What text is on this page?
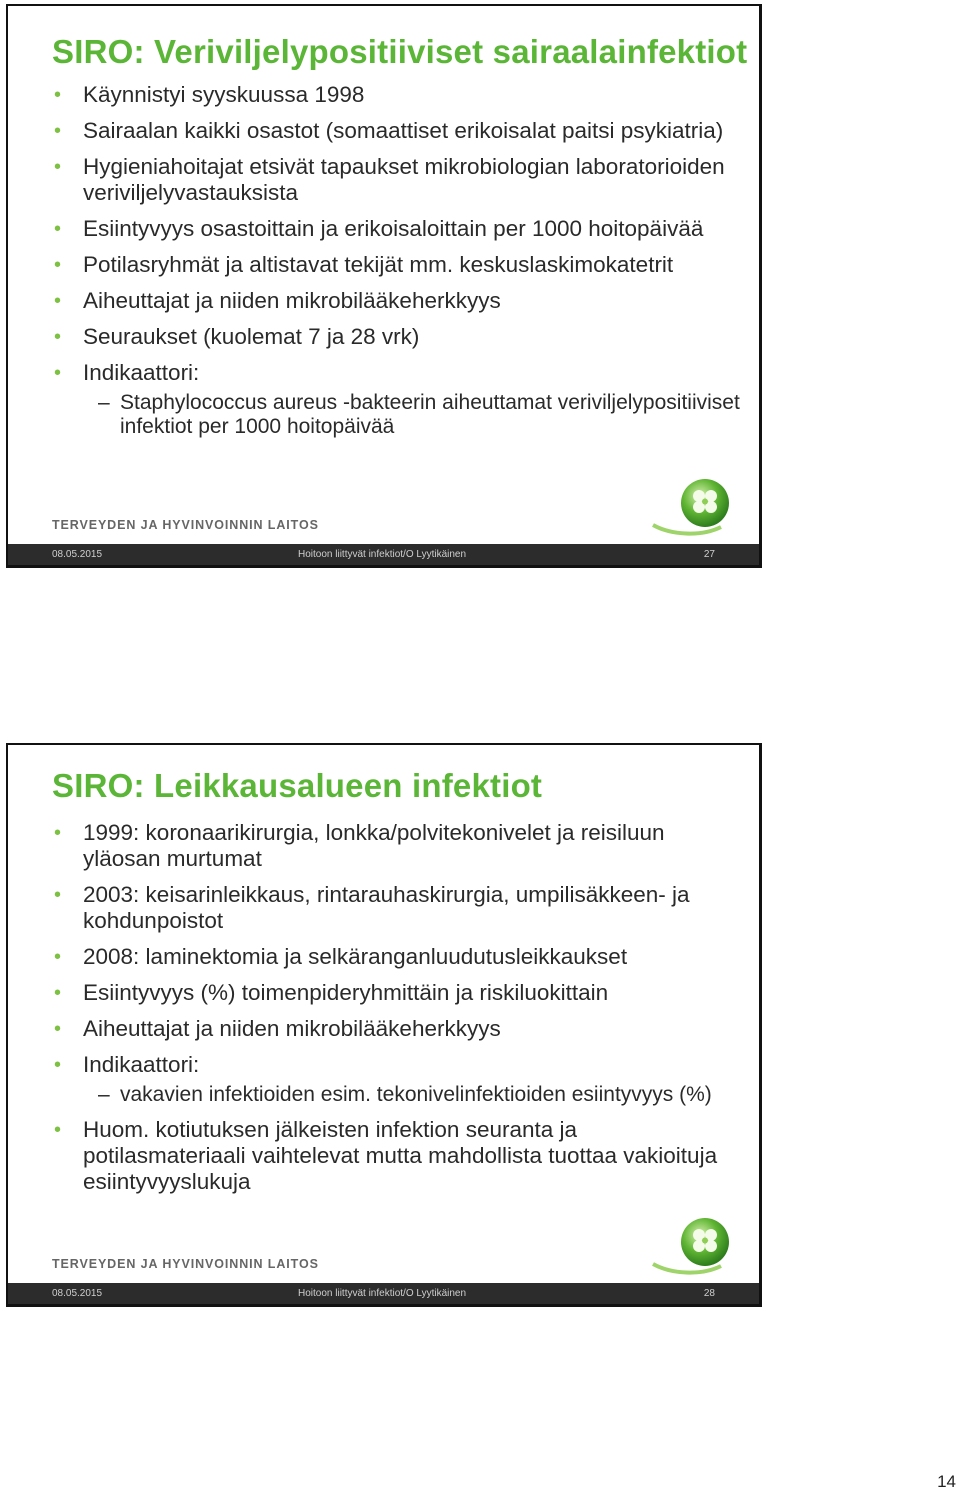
SIRO: Veriviljelypositiiviset sairaalainfektiot
• Käynnistyi syyskuussa 1998
• Sairaalan kaikki osastot (somaattiset erikoisalat paitsi psykiatria)
• Hygieniahoitajat etsivät tapaukset mikrobiologian laboratorioiden veriviljelyvastauksista
• Esiintyvyys osastoittain ja erikoisaloittain per 1000 hoitopäivää
• Potilasryhmät ja altistavat tekijät mm. keskuslaskimokatetrit
• Aiheuttajat ja niiden mikrobilääkeherkkyys
• Seuraukset (kuolemat 7 ja 28 vrk)
• Indikaattori:
– Staphylococcus aureus -bakteerin aiheuttamat veriviljelypositiiviset infektiot per 1000 hoitopäivää
TERVEYDEN JA HYVINVOINNIN LAITOS
08.05.2015	Hoitoon liittyvät infektiot/O Lyytikäinen	27
SIRO: Leikkausalueen infektiot
• 1999: koronaarikirurgia, lonkka/polvitekonivelet ja reisiluun yläosan murtumat
• 2003: keisarinleikkaus, rintarauhaskirurgia, umpilisäkkeen- ja kohdunpoistot
• 2008: laminektomia ja selkäranganluudutusleikkaukset
• Esiintyvyys (%) toimenpideryhmittäin ja riskiluokittain
• Aiheuttajat ja niiden mikrobilääkeherkkyys
• Indikaattori:
– vakavien infektioiden esim. tekonivelinfektioiden esiintyvyys (%)
• Huom. kotiutuksen jälkeisten infektion seuranta ja potilasmateriaali vaihtelevat mutta mahdollista tuottaa vakioituja esiintyvyyslukuja
TERVEYDEN JA HYVINVOINNIN LAITOS
08.05.2015	Hoitoon liittyvät infektiot/O Lyytikäinen	28
14
